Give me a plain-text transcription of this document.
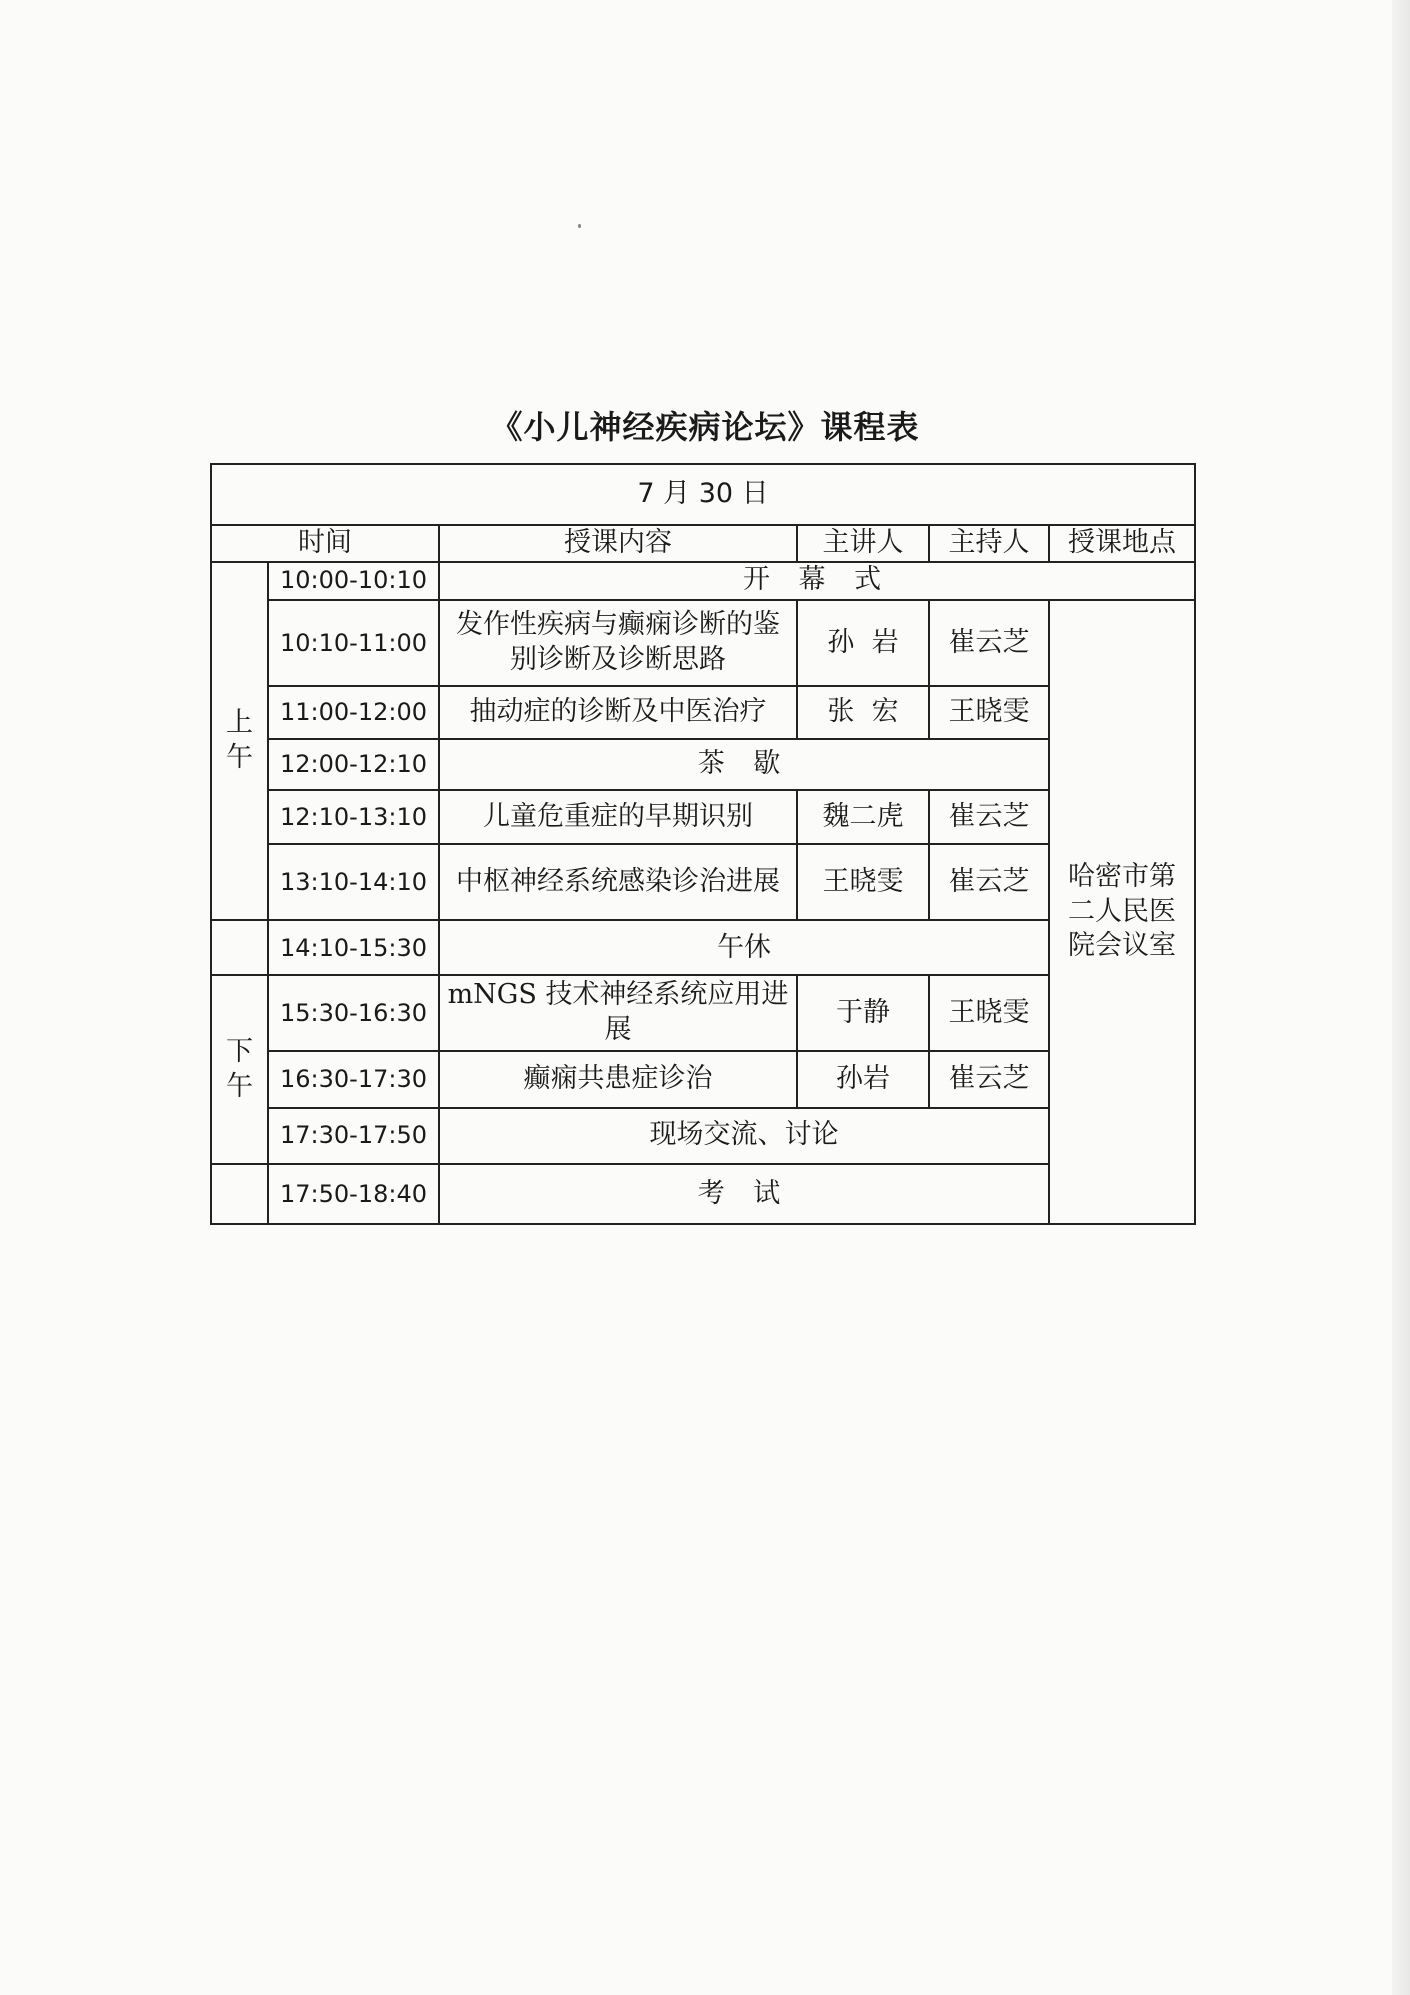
《小儿神经疾病论坛》课程表
7 月 30 日					
时间		授课内容	主讲人	主持人	授课地点
上午	10:00-10:10	开 幕 式			
	10:10-11:00	发作性疾病与癫痫诊断的鉴别诊断及诊断思路	孙  岩	崔云芝	哈密市第二人民医院会议室
	11:00-12:00	抽动症的诊断及中医治疗	张  宏	王晓雯	
	12:00-12:10	茶 歇			
	12:10-13:10	儿童危重症的早期识别	魏二虎	崔云芝	
	13:10-14:10	中枢神经系统感染诊治进展	王晓雯	崔云芝	
	14:10-15:30	午休			
下午	15:30-16:30	mNGS 技术神经系统应用进展	于静	王晓雯	
	16:30-17:30	癫痫共患症诊治	孙岩	崔云芝	
	17:30-17:50	现场交流、讨论			
	17:50-18:40	考 试			
